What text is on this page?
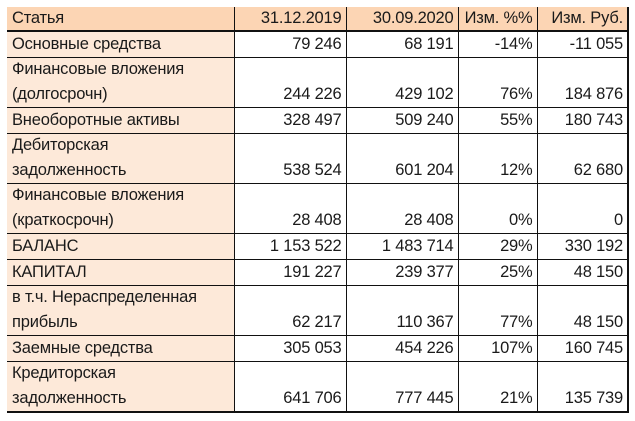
Статья	31.12.2019	30.09.2020	Изм. %%	Изм. Руб.
Основные средства	79 246	68 191	-14%	-11 055

Финансовые вложения
(долгосрочн)	244 226	429 102	76%	184 876
Внеоборотные активы	328 497	509 240	55%	180 743

Дебиторская
задолженность	538 524	601 204	12%	62 680

Финансовые вложения
(краткосрочн)	28 408	28 408	0%	0
БАЛАНС	1 153 522	1 483 714	29%	330 192
КАПИТАЛ	191 227	239 377	25%	48 150

в т.ч. Нераспределенная
прибыль	62 217	110 367	77%	48 150
Заемные средства	305 053	454 226	107%	160 745

Кредиторская
задолженность	641 706	777 445	21%	135 739
